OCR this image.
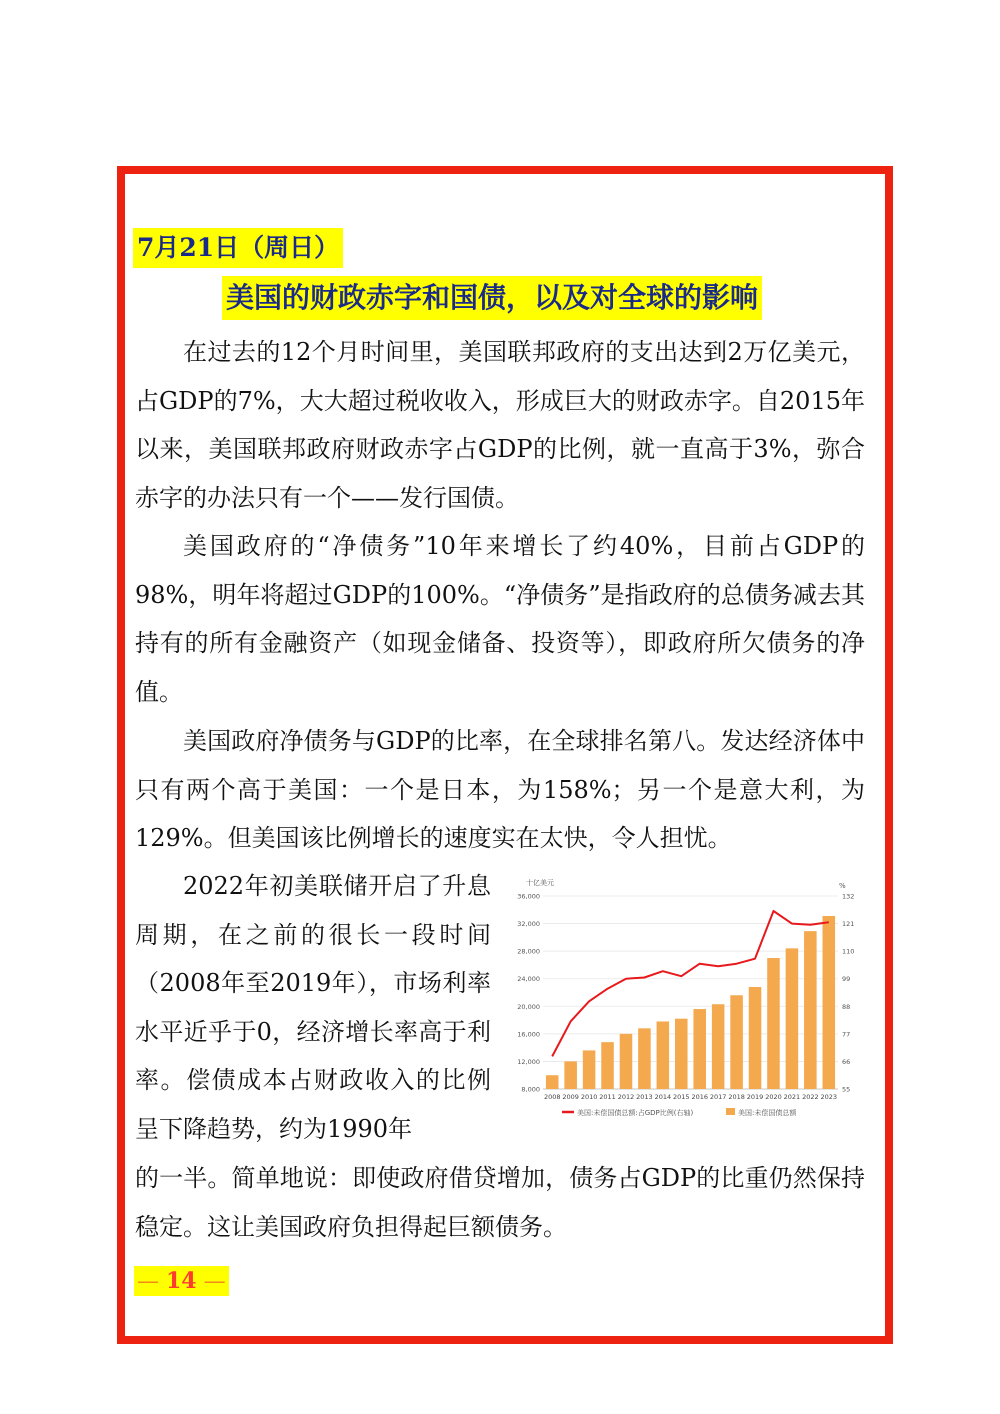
7月21日（周日）
美国的财政赤字和国债，以及对全球的影响

在过去的12个月时间里，美国联邦政府的支出达到2万亿美元，占GDP的7%，大大超过税收收入，形成巨大的财政赤字。自2015年以来，美国联邦政府财政赤字占GDP的比例，就一直高于3%，弥合赤字的办法只有一个——发行国债。

美国政府的“净债务”10年来增长了约40%，目前占GDP的98%，明年将超过GDP的100%。“净债务”是指政府的总债务减去其持有的所有金融资产（如现金储备、投资等），即政府所欠债务的净值。

美国政府净债务与GDP的比率，在全球排名第八。发达经济体中只有两个高于美国：一个是日本，为158%；另一个是意大利，为129%。但美国该比例增长的速度实在太快，令人担忧。

2022年初美联储开启了升息周期，在之前的很长一段时间（2008年至2019年），市场利率水平近乎于0，经济增长率高于利率。偿债成本占财政收入的比例呈下降趋势，约为1990年

的一半。简单地说：即使政府借贷增加，债务占GDP的比重仍然保持稳定。这让美国政府负担得起巨额债务。

8,000
12,000
16,000
20,000
24,000
28,000
32,000
36,000
55
66
77
88
99
110
121
132
2008 2009 2010 2011 2012 2013 2014 2015 2016 2017 2018 2019 2020 2021 2022 2023
十亿美元	%
美国:未偿国债总额:占GDP比例(右轴)	美国:未偿国债总额
— 14 —
